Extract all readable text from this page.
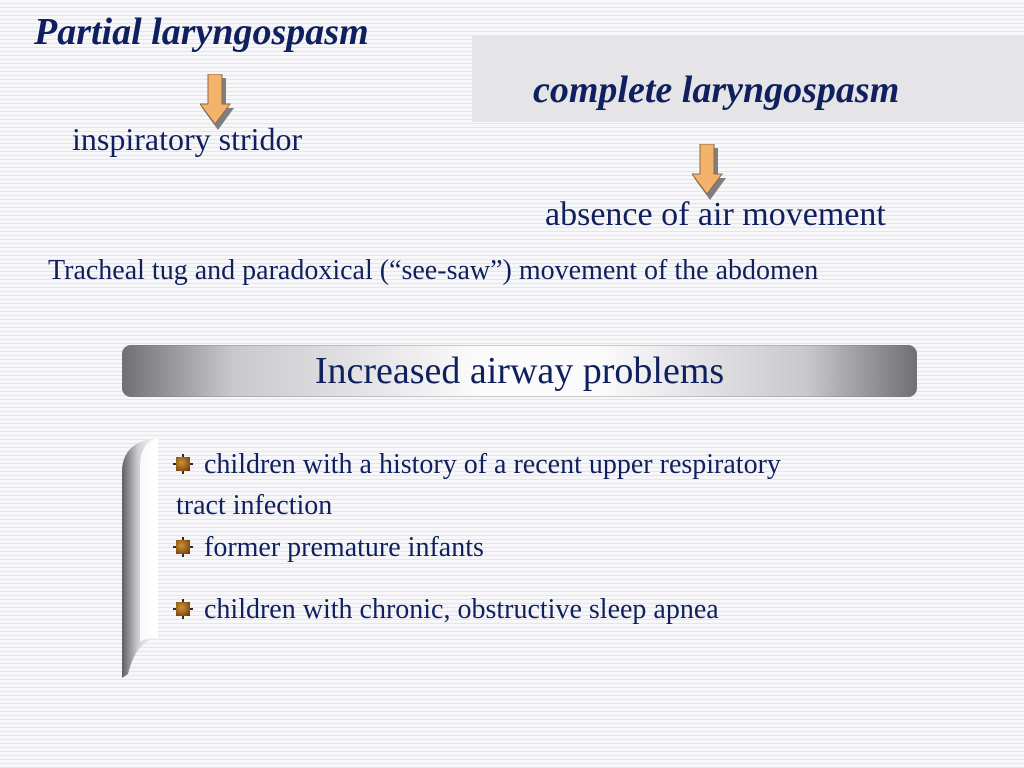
Partial laryngospasm
complete laryngospasm
inspiratory stridor
absence of air movement
Tracheal tug and paradoxical (“see-saw”) movement of the abdomen
Increased airway problems
children with a history of a recent upper respiratory
tract infection
former premature infants
children with chronic, obstructive sleep apnea
